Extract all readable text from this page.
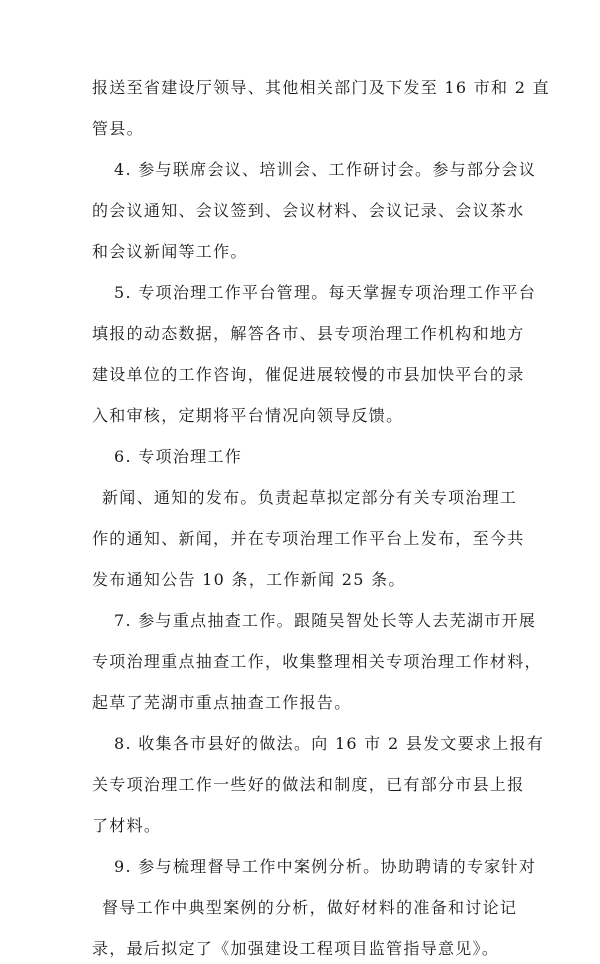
报送至省建设厅领导、其他相关部门及下发至 16 市和 2 直
管县。
4. 参与联席会议、培训会、工作研讨会。参与部分会议
的会议通知、会议签到、会议材料、会议记录、会议茶水
和会议新闻等工作。
5. 专项治理工作平台管理。每天掌握专项治理工作平台
填报的动态数据，解答各市、县专项治理工作机构和地方
建设单位的工作咨询，催促进展较慢的市县加快平台的录
入和审核，定期将平台情况向领导反馈。
6. 专项治理工作
新闻、通知的发布。负责起草拟定部分有关专项治理工
作的通知、新闻，并在专项治理工作平台上发布，至今共
发布通知公告 10 条，工作新闻 25 条。
7. 参与重点抽查工作。跟随吴智处长等人去芜湖市开展
专项治理重点抽查工作，收集整理相关专项治理工作材料，
起草了芜湖市重点抽查工作报告。
8. 收集各市县好的做法。向 16 市 2 县发文要求上报有
关专项治理工作一些好的做法和制度，已有部分市县上报
了材料。
9. 参与梳理督导工作中案例分析。协助聘请的专家针对
督导工作中典型案例的分析，做好材料的准备和讨论记
录，最后拟定了《加强建设工程项目监管指导意见》。
